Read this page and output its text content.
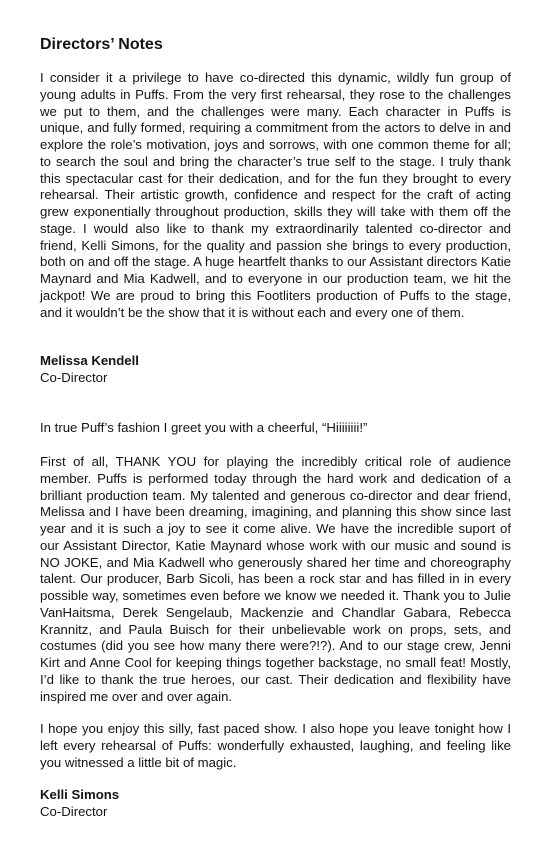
Directors’ Notes

I consider it a privilege to have co-directed this dynamic, wildly fun group of young adults in Puffs. From the very first rehearsal, they rose to the challenges we put to them, and the challenges were many. Each character in Puffs is unique, and fully formed, requiring a commitment from the actors to delve in and explore the role’s motivation, joys and sorrows, with one common theme for all; to search the soul and bring the character’s true self to the stage. I truly thank this spectacular cast for their dedication, and for the fun they brought to every rehearsal. Their artistic growth, confidence and respect for the craft of acting grew exponentially throughout production, skills they will take with them off the stage. I would also like to thank my extraordinarily talented co-director and friend, Kelli Simons, for the quality and passion she brings to every production, both on and off the stage. A huge heartfelt thanks to our Assistant directors Katie Maynard and Mia Kadwell, and to everyone in our production team, we hit the jackpot! We are proud to bring this Footliters production of Puffs to the stage, and it wouldn’t be the show that it is without each and every one of them.

Melissa Kendell

Co-Director

In true Puff’s fashion I greet you with a cheerful, “Hiiiiiiii!”

First of all, THANK YOU for playing the incredibly critical role of audience member. Puffs is performed today through the hard work and dedication of a brilliant production team. My talented and generous co-director and dear friend, Melissa and I have been dreaming, imagining, and planning this show since last year and it is such a joy to see it come alive. We have the incredible suport of our Assistant Director, Katie Maynard whose work with our music and sound is NO JOKE, and Mia Kadwell who generously shared her time and choreography talent. Our producer, Barb Sicoli, has been a rock star and has filled in in every possible way, sometimes even before we know we needed it. Thank you to Julie VanHaitsma, Derek Sengelaub, Mackenzie and Chandlar Gabara, Rebecca Krannitz, and Paula Buisch for their unbelievable work on props, sets, and costumes (did you see how many there were?!?). And to our stage crew, Jenni Kirt and Anne Cool for keeping things together backstage, no small feat! Mostly, I’d like to thank the true heroes, our cast. Their dedication and flexibility have inspired me over and over again.

I hope you enjoy this silly, fast paced show. I also hope you leave tonight how I left every rehearsal of Puffs: wonderfully exhausted, laughing, and feeling like you witnessed a little bit of magic.

Kelli Simons

Co-Director
